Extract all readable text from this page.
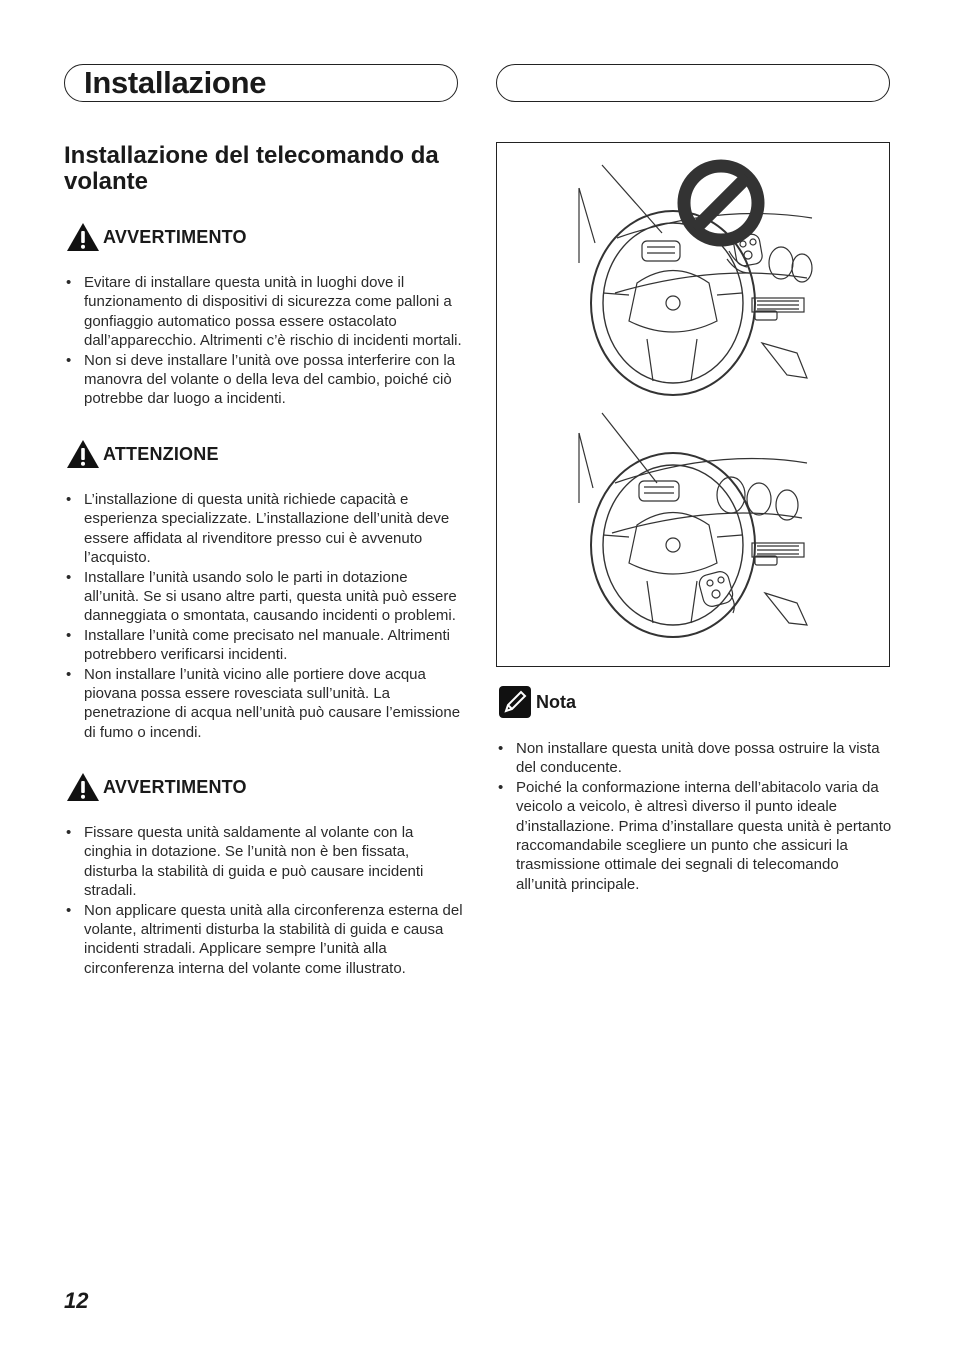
Installazione
Installazione del telecomando da volante
AVVERTIMENTO
• Evitare di installare questa unità in luoghi dove il funzionamento di dispositivi di sicurezza come palloni a gonfiaggio automatico possa essere ostacolato dall’apparecchio. Altrimenti c’è rischio di incidenti mortali.
• Non si deve installare l’unità ove possa interferire con la manovra del volante o della leva del cambio, poiché ciò potrebbe dar luogo a incidenti.
ATTENZIONE
• L’installazione di questa unità richiede capacità e esperienza specializzate. L’installazione dell’unità deve essere affidata al rivenditore presso cui è avvenuto l’acquisto.
• Installare l’unità usando solo le parti in dotazione all’unità. Se si usano altre parti, questa unità può essere danneggiata o smontata, causando incidenti o problemi.
• Installare l’unità come precisato nel manuale. Altrimenti potrebbero verificarsi incidenti.
• Non installare l’unità vicino alle portiere dove acqua piovana possa essere rovesciata sull’unità. La penetrazione di acqua nell’unità può causare l’emissione di fumo o incendi.
AVVERTIMENTO
• Fissare questa unità saldamente al volante con la cinghia in dotazione. Se l’unità non è ben fissata, disturba la stabilità di guida e può causare incidenti stradali.
• Non applicare questa unità alla circonferenza esterna del volante, altrimenti disturba la stabilità di guida e causa incidenti stradali. Applicare sempre l’unità alla circonferenza interna del volante come illustrato.
Nota
• Non installare questa unità dove possa ostruire la vista del conducente.
• Poiché la conformazione interna dell’abitacolo varia da veicolo a veicolo, è altresì diverso il punto ideale d’installazione. Prima d’installare questa unità è pertanto raccomandabile scegliere un punto che assicuri la trasmissione ottimale dei segnali di telecomando all’unità principale.
12
